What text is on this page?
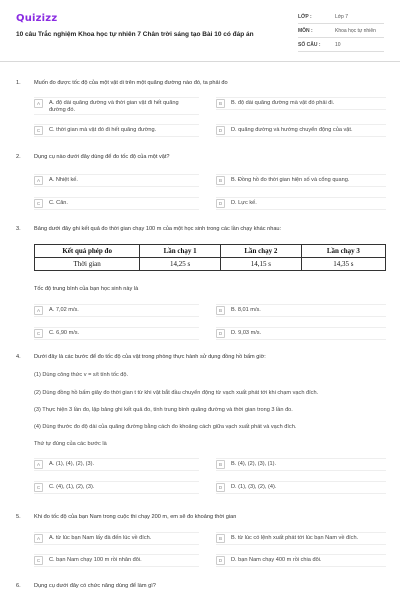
Quizizz
10 câu Trắc nghiệm Khoa học tự nhiên 7 Chân trời sáng tạo Bài 10 có đáp án
LỚP :	Lớp 7
MÔN :	Khoa học tự nhiên
SỐ CÂU :	10
1. Muốn đo được tốc độ của một vật di trên một quãng đường nào đó, ta phải đo
A	A. độ dài quãng đường và thời gian vật đi hết quãng đường đó.
B	B. độ dài quãng đường mà vật đó phải đi.
C	C. thời gian mà vật đó đi hết quãng đường.	D	D. quãng đường và hướng chuyển động của vật.
2. Dụng cụ nào dưới đây dùng để đo tốc độ của một vật?
A	A. Nhiệt kế.	B	B. Đồng hồ đo thời gian hiện số và cổng quang.
C	C. Cân.	D	D. Lực kế.
3. Bảng dưới đây ghi kết quả đo thời gian chạy 100 m của một học sinh trong các lần chạy khác nhau:
Kết quả phép đo	Lần chạy 1	Lần chạy 2	Lần chạy 3
Thời gian	14,25 s	14,15 s	14,35 s
Tốc độ trung bình của bạn học sinh này là
A	A. 7,02 m/s.	B	B. 8,01 m/s.
C	C. 6,90 m/s.	D	D. 9,03 m/s.
4. Dưới đây là các bước để đo tốc độ của vật trong phòng thực hành sử dụng đồng hồ bấm giờ:
(1) Dùng công thức v = s/t tính tốc độ.
(2) Dùng đồng hồ bấm giây đo thời gian t từ khi vật bắt đầu chuyển động từ vạch xuất phát tới khi chạm vạch đích.
(3) Thực hiện 3 lần đo, lập bảng ghi kết quả đo, tính trung bình quãng đường và thời gian trong 3 lần đo.
(4) Dùng thước đo độ dài của quãng đường bằng cách đo khoảng cách giữa vạch xuất phát và vạch đích.
Thứ tự đúng của các bước là
A	A. (1), (4), (2), (3).	B	B. (4), (2), (3), (1).
C	C. (4), (1), (2), (3).	D	D. (1), (3), (2), (4).
5. Khi đo tốc độ của bạn Nam trong cuộc thi chạy 200 m, em sẽ đo khoảng thời gian
A	A. từ lúc bạn Nam lấy đà đến lúc về đích.	B	B. từ lúc có lệnh xuất phát tới lúc bạn Nam về đích.
C	C. bạn Nam chạy 100 m rồi nhân đôi.	D	D. bạn Nam chạy 400 m rồi chia đôi.
6. Dụng cụ dưới đây có chức năng dùng để làm gì?
